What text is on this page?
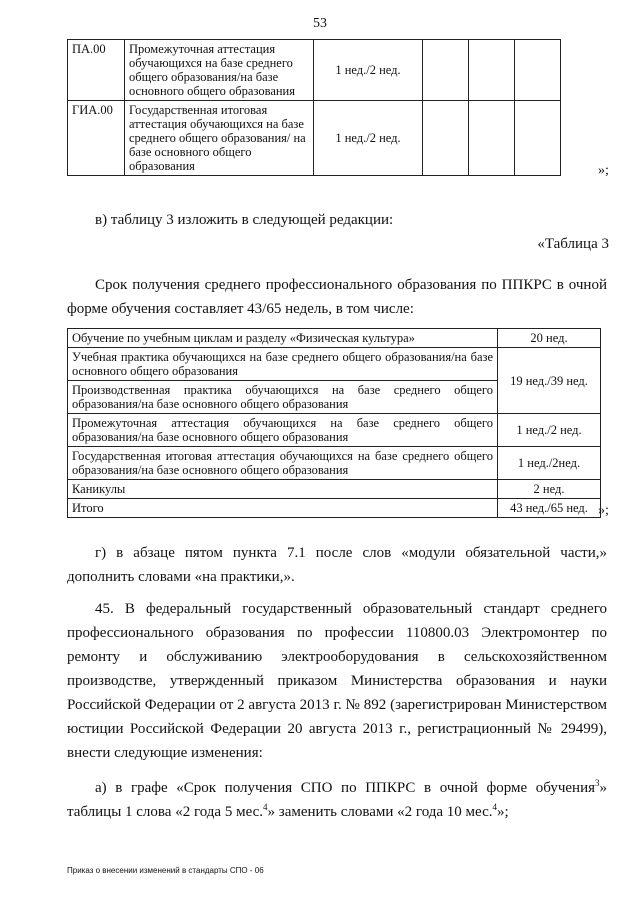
53
ПА.00	Промежуточная аттестация обучающихся на базе среднего общего образования/на базе основного общего образования	1 нед./2 нед.			
ГИА.00	Государственная итоговая аттестация обучающихся на базе среднего общего образования/ на базе основного общего образования	1 нед./2 нед.			
»;
в) таблицу 3 изложить в следующей редакции:
«Таблица 3
Срок получения среднего профессионального образования по ППКРС в очной форме обучения составляет 43/65 недель, в том числе:
Обучение по учебным циклам и разделу «Физическая культура»	20 нед.
Учебная практика обучающихся на базе среднего общего образования/на базе основного общего образования	19 нед./39 нед.
Производственная практика обучающихся на базе среднего общего образования/на базе основного общего образования	
Промежуточная аттестация обучающихся на базе среднего общего образования/на базе основного общего образования	1 нед./2 нед.
Государственная итоговая аттестация обучающихся на базе среднего общего образования/на базе основного общего образования	1 нед./2нед.
Каникулы	2 нед.
Итого	43 нед./65 нед. »;
г) в абзаце пятом пункта 7.1 после слов «модули обязательной части,» дополнить словами «на практики,».
45. В федеральный государственный образовательный стандарт среднего профессионального образования по профессии 110800.03 Электромонтер по ремонту и обслуживанию электрооборудования в сельскохозяйственном производстве, утвержденный приказом Министерства образования и науки Российской Федерации от 2 августа 2013 г. № 892 (зарегистрирован Министерством юстиции Российской Федерации 20 августа 2013 г., регистрационный № 29499), внести следующие изменения:
а) в графе «Срок получения СПО по ППКРС в очной форме обучения$^3$» таблицы 1 слова «2 года 5 мес.$^4$» заменить словами «2 года 10 мес.$^4$»;
Приказ о внесении изменений в стандарты СПО - 06
